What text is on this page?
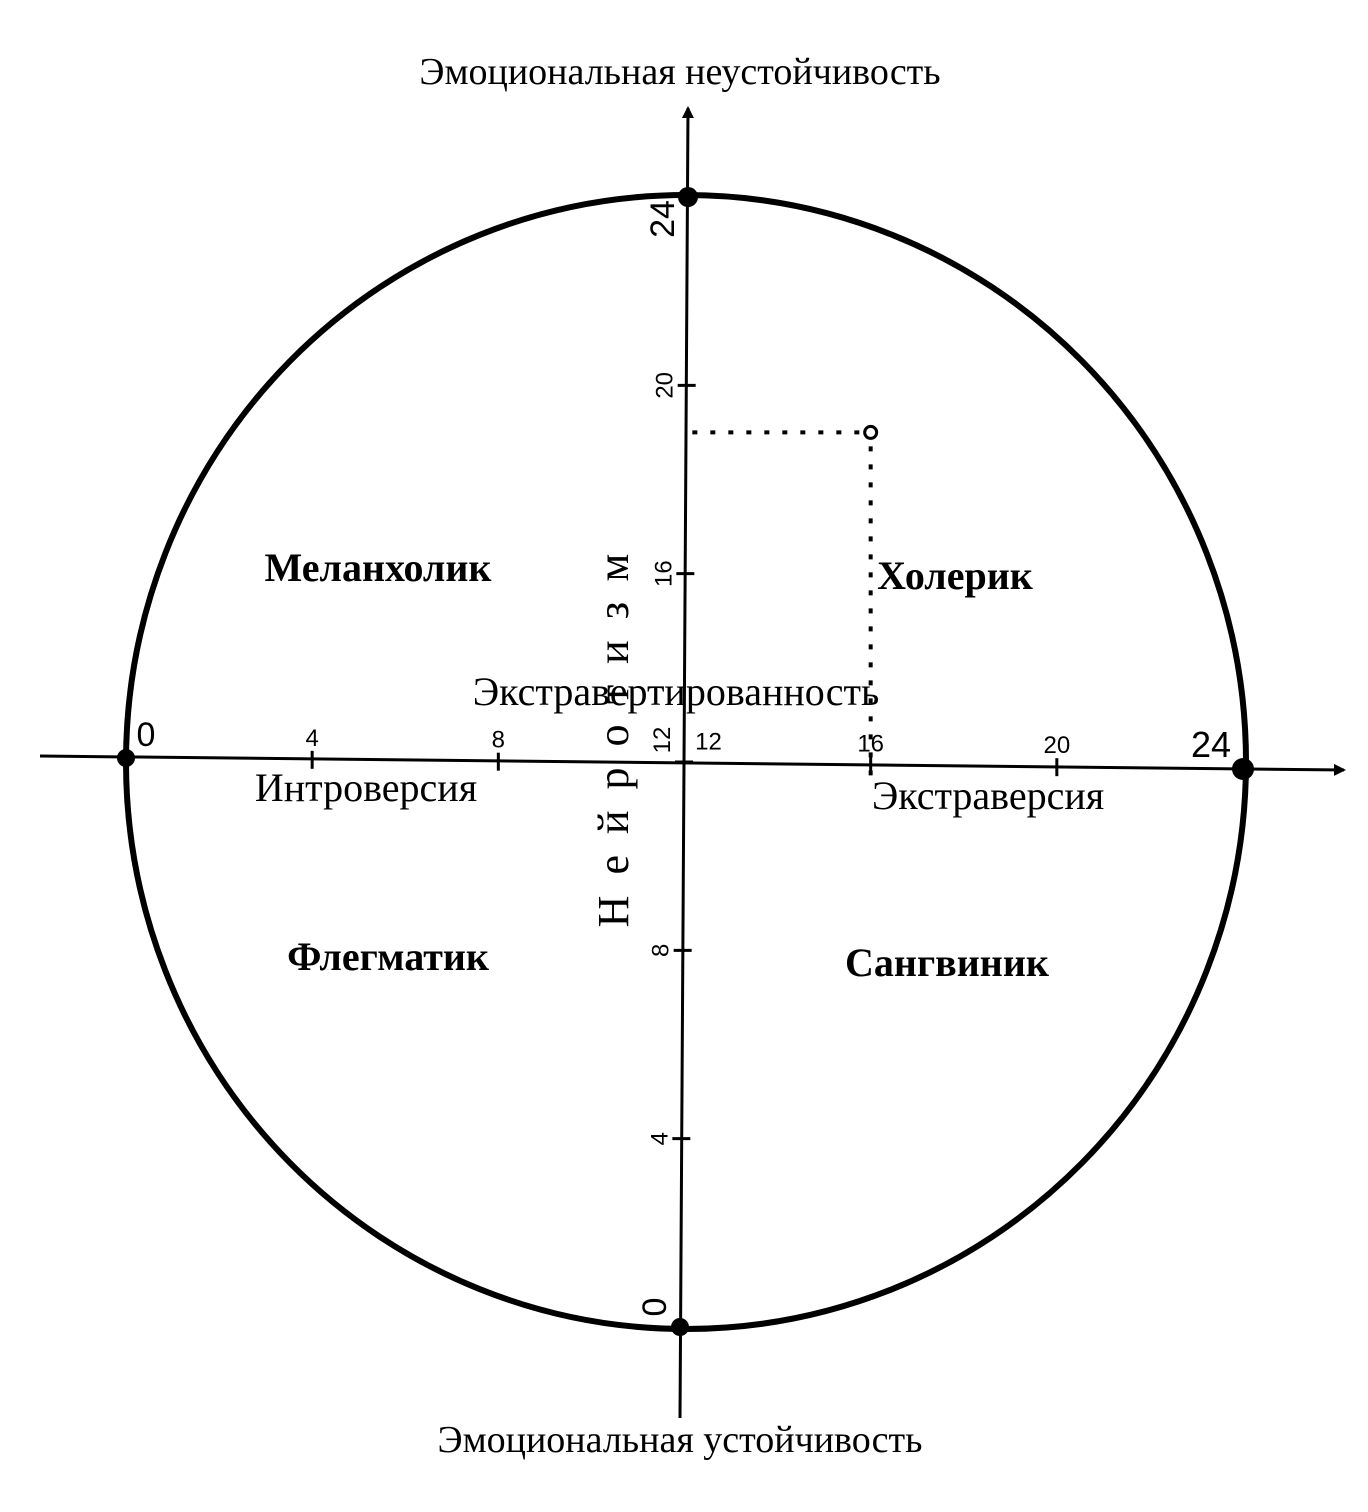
Эмоциональная неустойчивость
Эмоциональная устойчивость
0	4	8	12	16	20	24
0
4
8
12
16
20
24
Экстравертированность
Интроверсия	Экстраверсия
Нейротизм
Меланхолик	Холерик
Флегматик	Сангвиник
